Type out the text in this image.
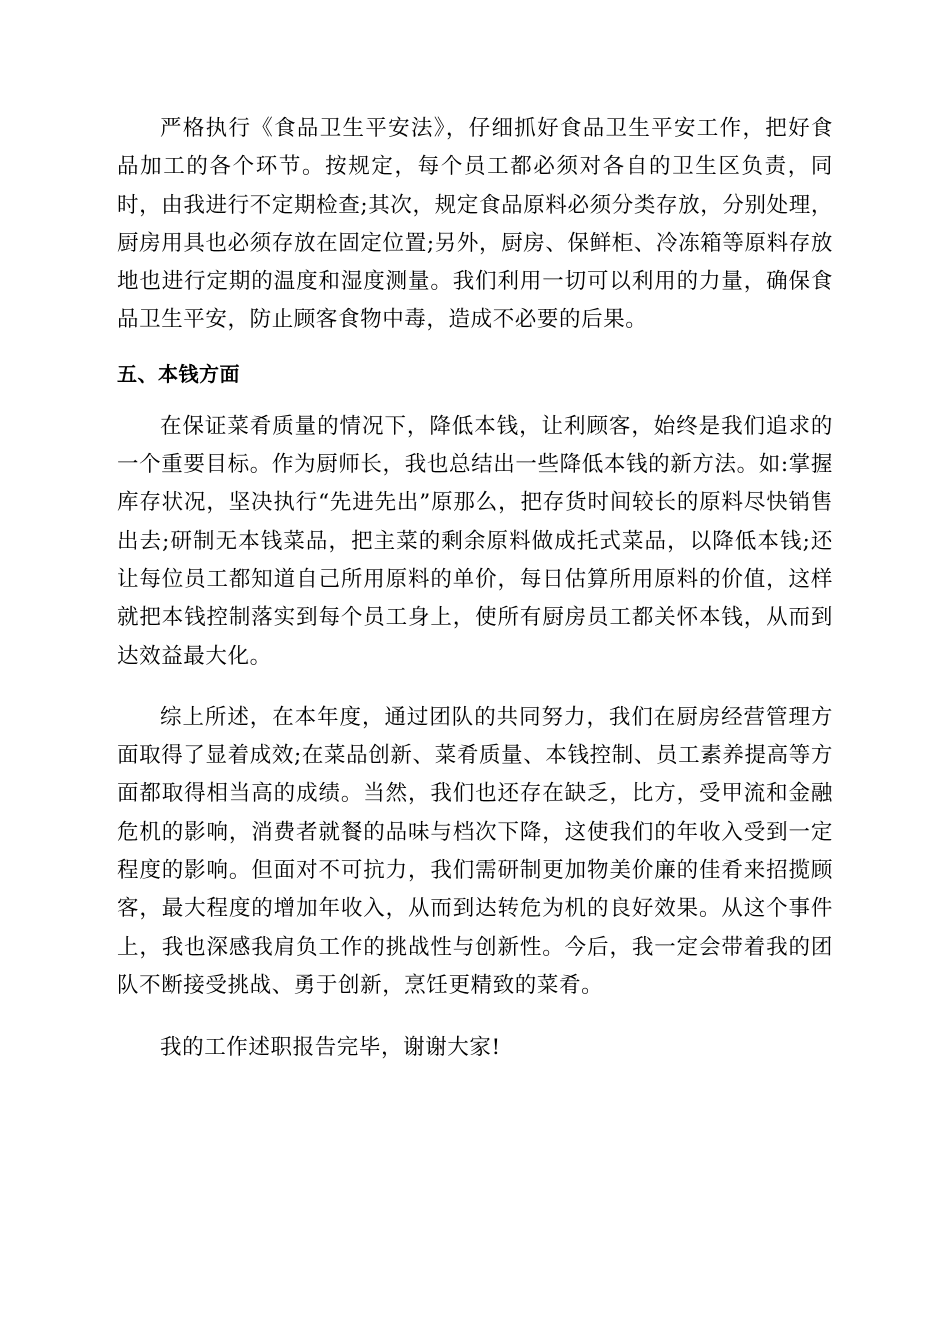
严格执行《食品卫生平安法》，仔细抓好食品卫生平安工作，把好食品加工的各个环节。按规定，每个员工都必须对各自的卫生区负责，同时，由我进行不定期检查;其次，规定食品原料必须分类存放，分别处理，厨房用具也必须存放在固定位置;另外，厨房、保鲜柜、冷冻箱等原料存放地也进行定期的温度和湿度测量。我们利用一切可以利用的力量，确保食品卫生平安，防止顾客食物中毒，造成不必要的后果。

五、本钱方面

在保证菜肴质量的情况下，降低本钱，让利顾客，始终是我们追求的一个重要目标。作为厨师长，我也总结出一些降低本钱的新方法。如:掌握库存状况，坚决执行“先进先出”原那么，把存货时间较长的原料尽快销售出去;研制无本钱菜品，把主菜的剩余原料做成托式菜品，以降低本钱;还让每位员工都知道自己所用原料的单价，每日估算所用原料的价值，这样就把本钱控制落实到每个员工身上，使所有厨房员工都关怀本钱，从而到达效益最大化。

综上所述，在本年度，通过团队的共同努力，我们在厨房经营管理方面取得了显着成效;在菜品创新、菜肴质量、本钱控制、员工素养提高等方面都取得相当高的成绩。当然，我们也还存在缺乏，比方，受甲流和金融危机的影响，消费者就餐的品味与档次下降，这使我们的年收入受到一定程度的影响。但面对不可抗力，我们需研制更加物美价廉的佳肴来招揽顾客，最大程度的增加年收入，从而到达转危为机的良好效果。从这个事件上，我也深感我肩负工作的挑战性与创新性。今后，我一定会带着我的团队不断接受挑战、勇于创新，烹饪更精致的菜肴。

我的工作述职报告完毕，谢谢大家!
